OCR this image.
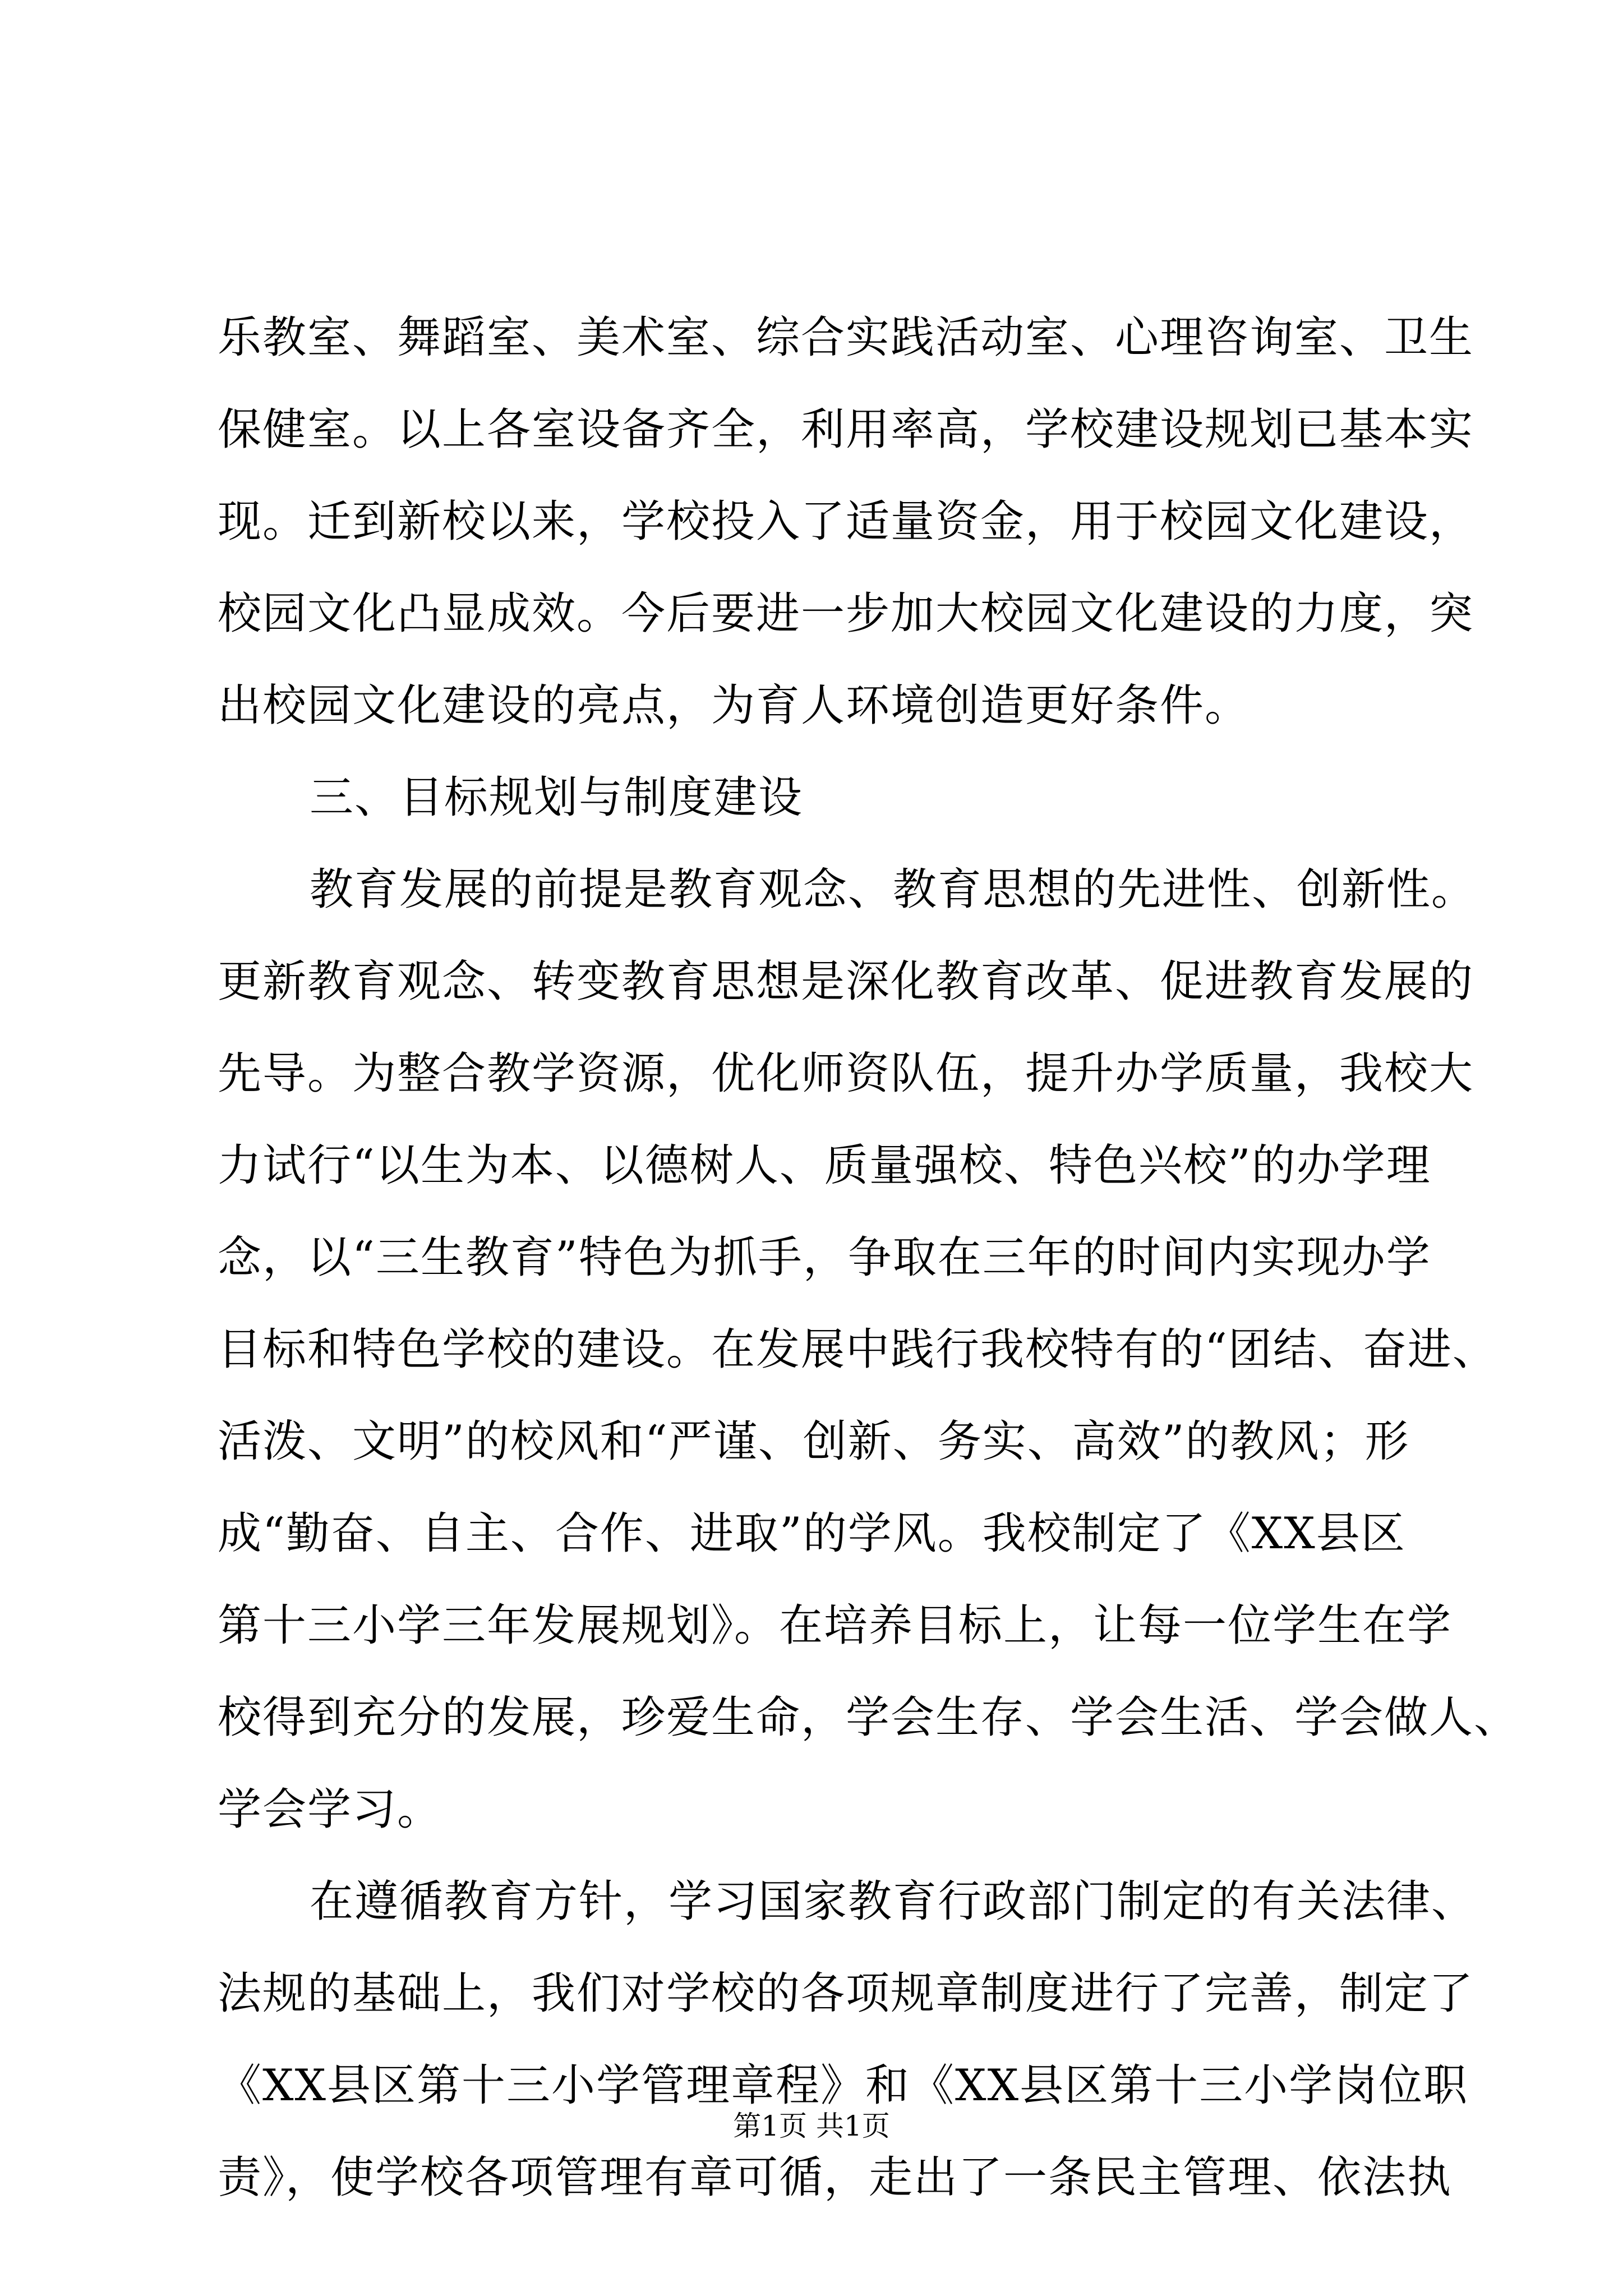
乐教室、舞蹈室、美术室、综合实践活动室、心理咨询室、卫生
保健室。以上各室设备齐全，利用率高，学校建设规划已基本实
现。迁到新校以来，学校投入了适量资金，用于校园文化建设，
校园文化凸显成效。今后要进一步加大校园文化建设的力度，突
出校园文化建设的亮点，为育人环境创造更好条件。
三、目标规划与制度建设
教育发展的前提是教育观念、教育思想的先进性、创新性。
更新教育观念、转变教育思想是深化教育改革、促进教育发展的
先导。为整合教学资源，优化师资队伍，提升办学质量，我校大
力试行“以生为本、以德树人、质量强校、特色兴校”的办学理
念，以“三生教育”特色为抓手，争取在三年的时间内实现办学
目标和特色学校的建设。在发展中践行我校特有的“团结、奋进、
活泼、文明”的校风和“严谨、创新、务实、高效”的教风；形
成“勤奋、自主、合作、进取”的学风。我校制定了《XX县区
第十三小学三年发展规划》。在培养目标上，让每一位学生在学
校得到充分的发展，珍爱生命，学会生存、学会生活、学会做人、
学会学习。
在遵循教育方针，学习国家教育行政部门制定的有关法律、
法规的基础上，我们对学校的各项规章制度进行了完善，制定了
《XX县区第十三小学管理章程》和《XX县区第十三小学岗位职
责》，使学校各项管理有章可循，走出了一条民主管理、依法执
第1页 共1页
